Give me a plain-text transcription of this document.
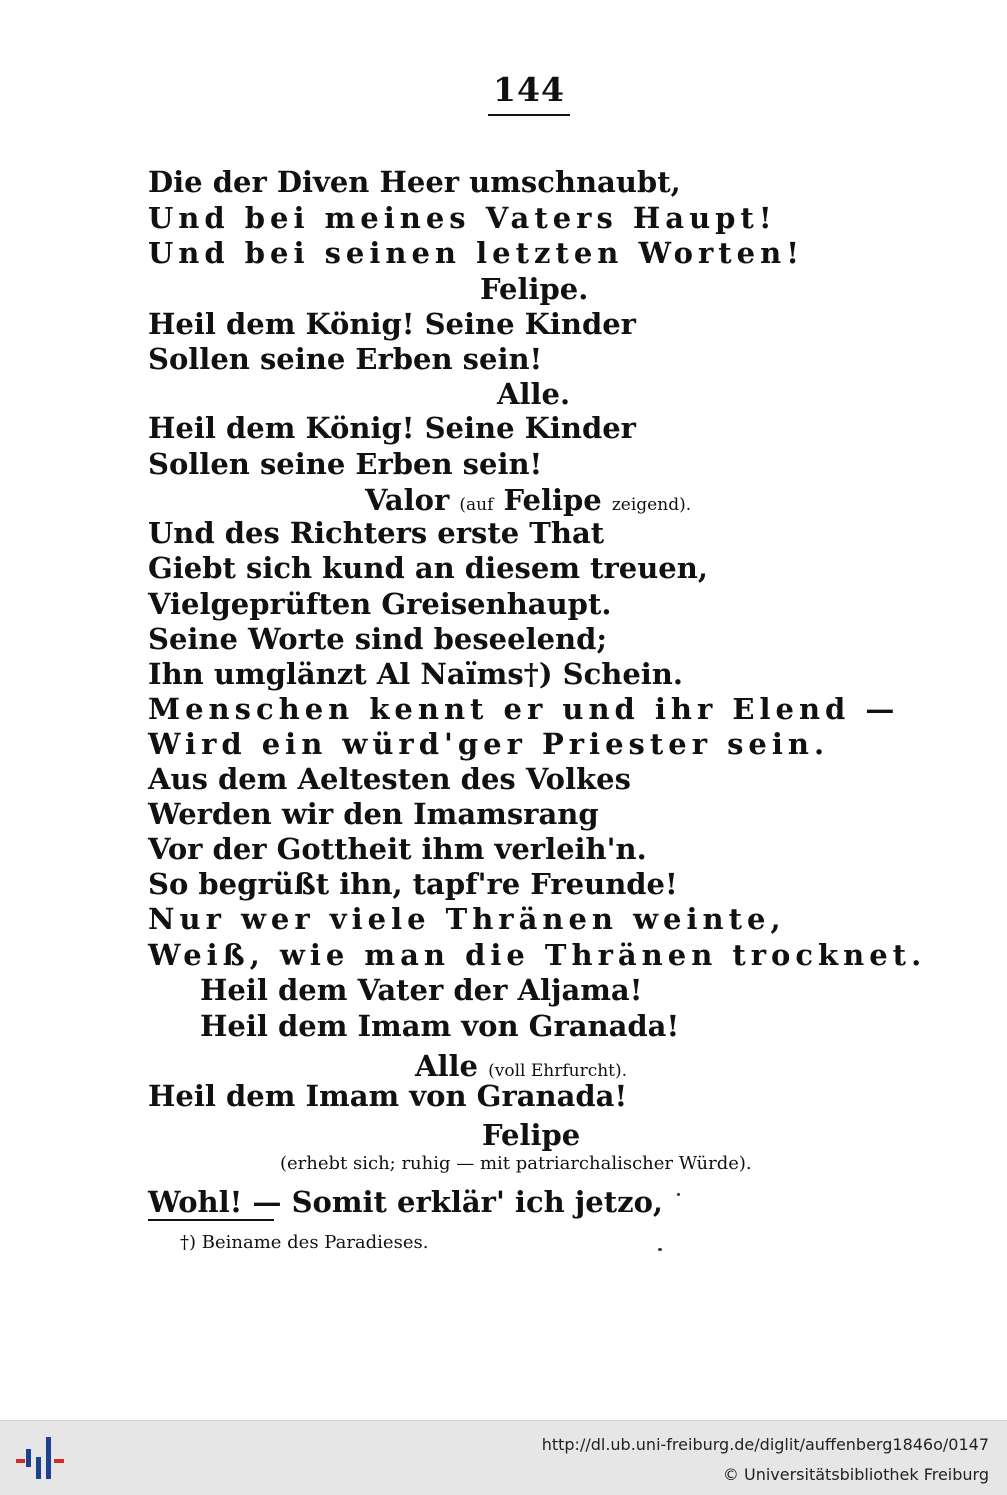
144
Die der Diven Heer umschnaubt,
Und bei meines Vaters Haupt!
Und bei seinen letzten Worten!
Felipe.
Heil dem König! Seine Kinder
Sollen seine Erben sein!
Alle.
Heil dem König! Seine Kinder
Sollen seine Erben sein!
Valor (auf Felipe zeigend).
Und des Richters erste That
Giebt sich kund an diesem treuen,
Vielgeprüften Greisenhaupt.
Seine Worte sind beseelend;
Ihn umglänzt Al Naïms†) Schein.
Menschen kennt er und ihr Elend —
Wird ein würd'ger Priester sein.
Aus dem Aeltesten des Volkes
Werden wir den Imamsrang
Vor der Gottheit ihm verleih'n.
So begrüßt ihn, tapf're Freunde!
Nur wer viele Thränen weinte,
Weiß, wie man die Thränen trocknet.
Heil dem Vater der Aljama!
Heil dem Imam von Granada!
Alle (voll Ehrfurcht).
Heil dem Imam von Granada!
Felipe
(erhebt sich; ruhig — mit patriarchalischer Würde).
Wohl! — Somit erklär' ich jetzo,
†) Beiname des Paradieses.
http://dl.ub.uni-freiburg.de/diglit/auffenberg1846o/0147
© Universitätsbibliothek Freiburg
